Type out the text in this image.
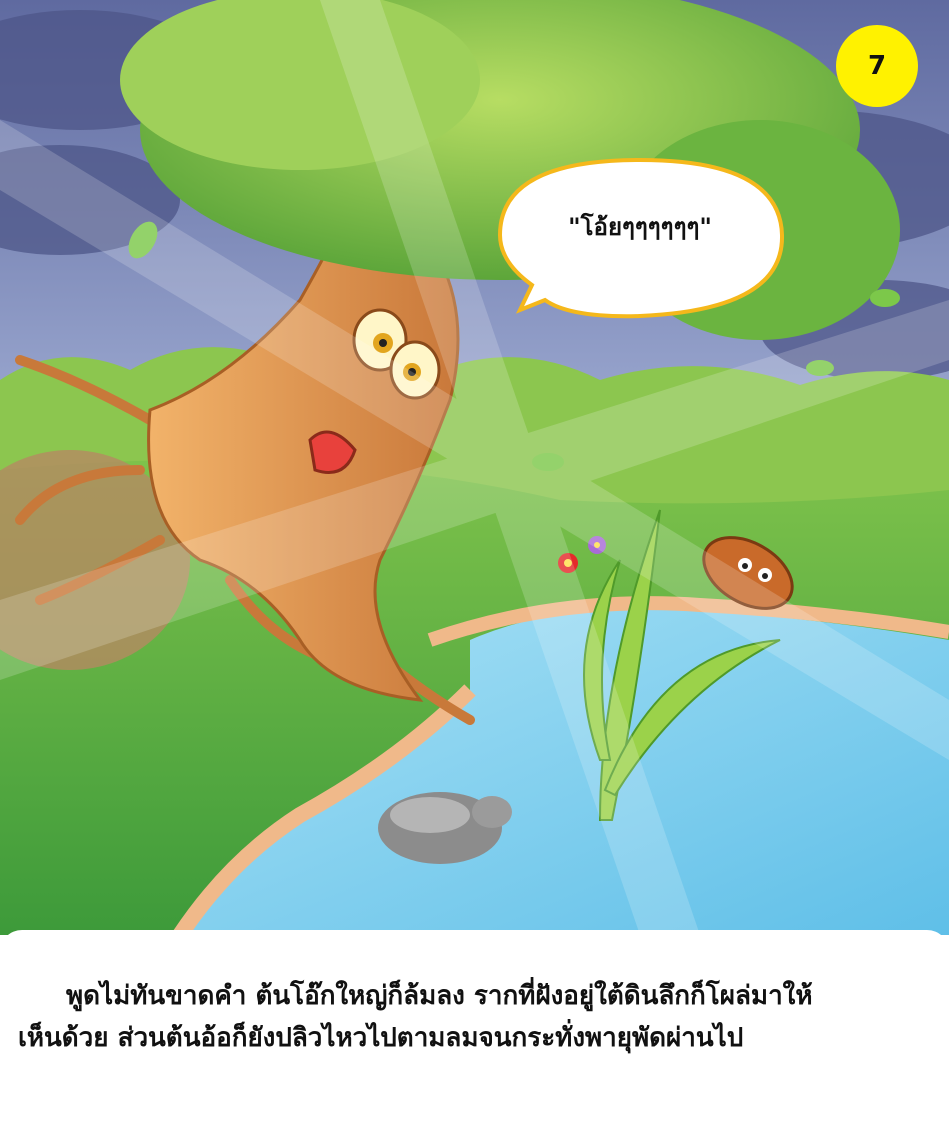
7
"โอ้ยๆๆๆๆๆๆ"
พูดไม่ทันขาดคำ ต้นโอ๊กใหญ่ก็ล้มลง รากที่ฝังอยู่ใต้ดินลึกก็โผล่มาให้
เห็นด้วย ส่วนต้นอ้อก็ยังปลิวไหวไปตามลมจนกระทั่งพายุพัดผ่านไป
